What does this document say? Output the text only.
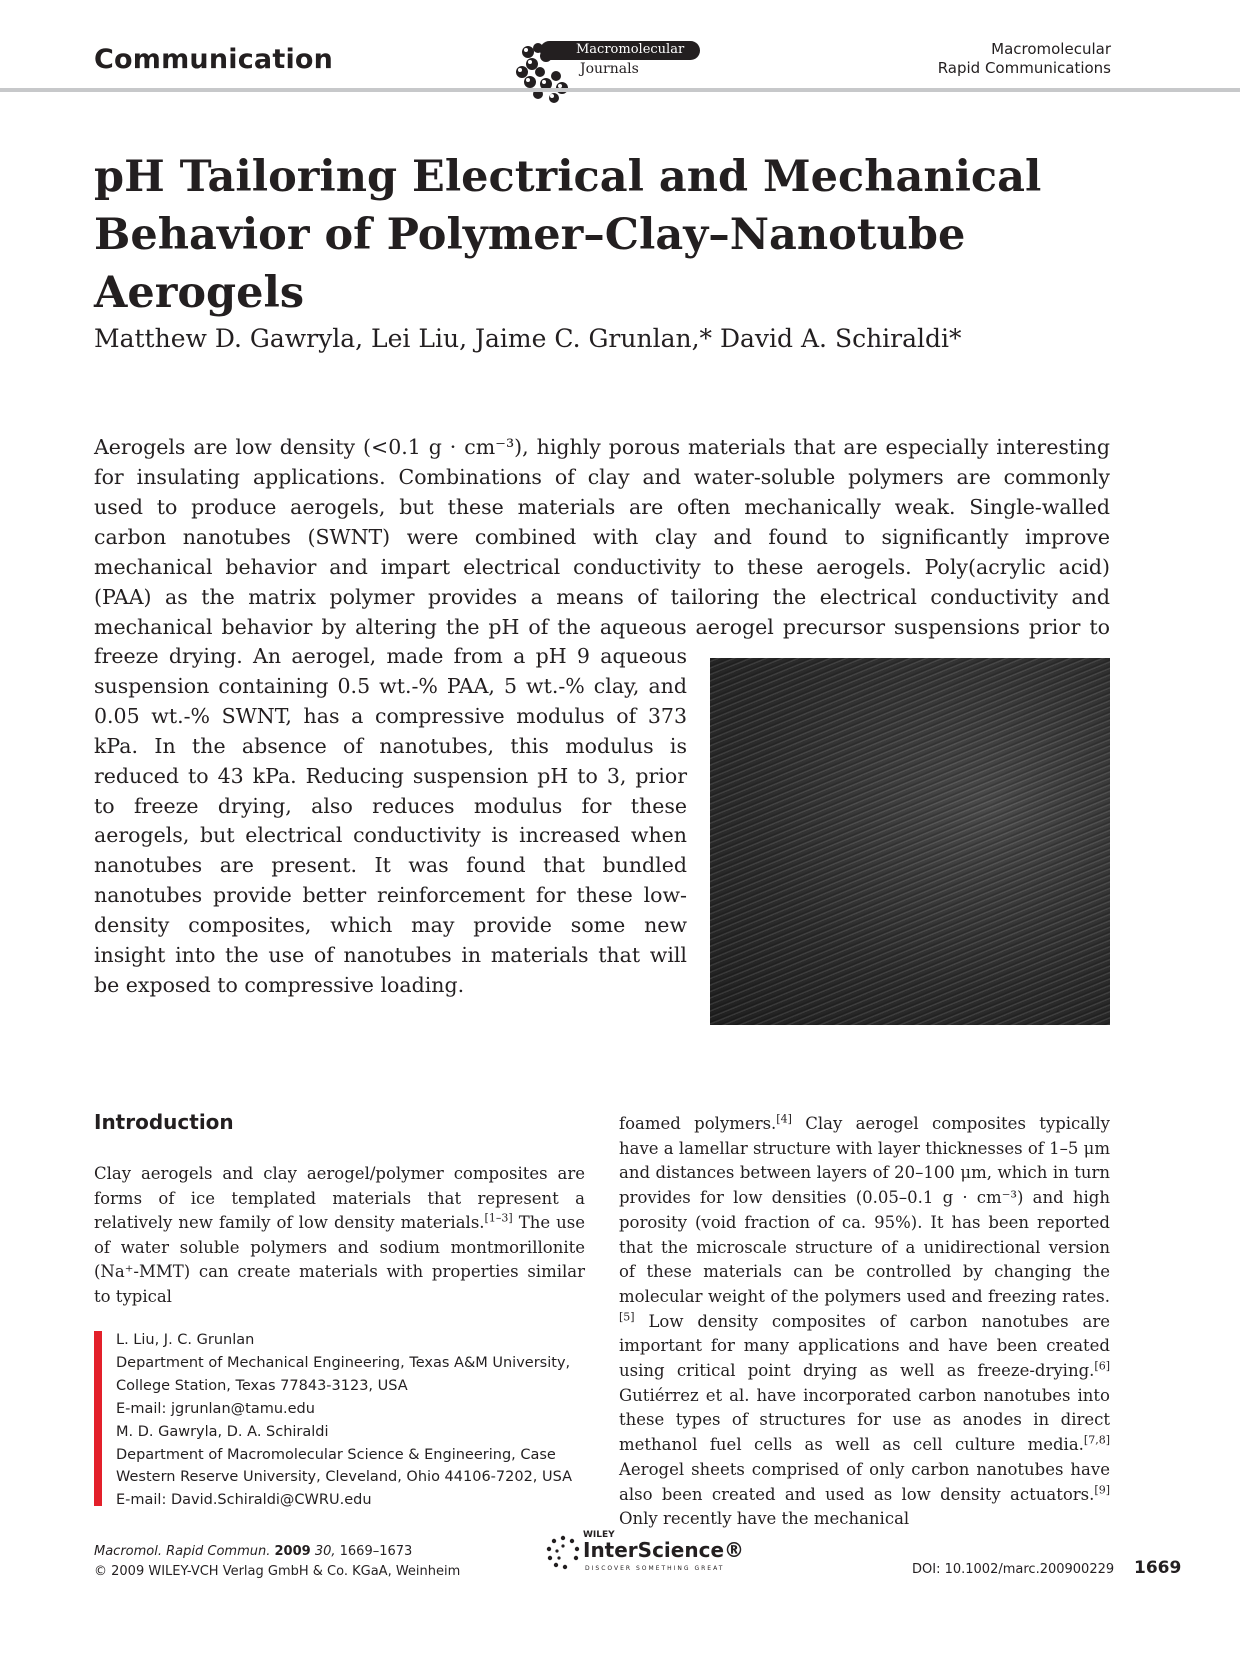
Communication	Macromolecular
Journals
Macromolecular
Rapid Communications
pH Tailoring Electrical and Mechanical
Behavior of Polymer–Clay–Nanotube Aerogels
Matthew D. Gawryla, Lei Liu, Jaime C. Grunlan,* David A. Schiraldi*

Aerogels are low density (<0.1 g · cm⁻³), highly porous materials that are especially interesting

for insulating applications. Combinations of clay and water-soluble polymers are commonly

used to produce aerogels, but these materials are often mechanically weak. Single-walled

carbon nanotubes (SWNT) were combined with clay and found to significantly improve

mechanical behavior and impart electrical conductivity to these aerogels. Poly(acrylic acid)

(PAA) as the matrix polymer provides a means of tailoring the electrical conductivity and

mechanical behavior by altering the pH of the aqueous aerogel precursor suspensions prior to

freeze drying. An aerogel, made from a pH 9 aqueous suspension containing 0.5 wt.-% PAA, 5 wt.-% clay, and 0.05 wt.-% SWNT, has a compressive modulus of 373 kPa. In the absence of nanotubes, this modulus is reduced to 43 kPa. Reducing suspension pH to 3, prior to freeze drying, also reduces modulus for these aerogels, but electrical conductivity is increased when nanotubes are present. It was found that bundled nanotubes provide better reinforcement for these low-density composites, which may provide some new insight into the use of nanotubes in materials that will be exposed to compressive loading.

Introduction

Clay aerogels and clay aerogel/polymer composites are forms of ice templated materials that represent a relatively new family of low density materials.[1–3] The use of water soluble polymers and sodium montmorillonite (Na⁺-MMT) can create materials with properties similar to typical

foamed polymers.[4] Clay aerogel composites typically have a lamellar structure with layer thicknesses of 1–5 μm and distances between layers of 20–100 μm, which in turn provides for low densities (0.05–0.1 g · cm⁻³) and high porosity (void fraction of ca. 95%). It has been reported that the microscale structure of a unidirectional version of these materials can be controlled by changing the molecular weight of the polymers used and freezing rates.[5] Low density composites of carbon nanotubes are important for many applications and have been created using critical point drying as well as freeze-drying.[6] Gutiérrez et al. have incorporated carbon nanotubes into these types of structures for use as anodes in direct methanol fuel cells as well as cell culture media.[7,8] Aerogel sheets comprised of only carbon nanotubes have also been created and used as low density actuators.[9] Only recently have the mechanical

L. Liu, J. C. Grunlan
Department of Mechanical Engineering, Texas A&M University,
College Station, Texas 77843-3123, USA
E-mail: jgrunlan@tamu.edu
M. D. Gawryla, D. A. Schiraldi
Department of Macromolecular Science & Engineering, Case
Western Reserve University, Cleveland, Ohio 44106-7202, USA
E-mail: David.Schiraldi@CWRU.edu
Macromol. Rapid Commun. 2009 30, 1669–1673
© 2009 WILEY-VCH Verlag GmbH & Co. KGaA, Weinheim
WILEY
InterScience®
DISCOVER SOMETHING GREAT	DOI: 10.1002/marc.200900229 1669
